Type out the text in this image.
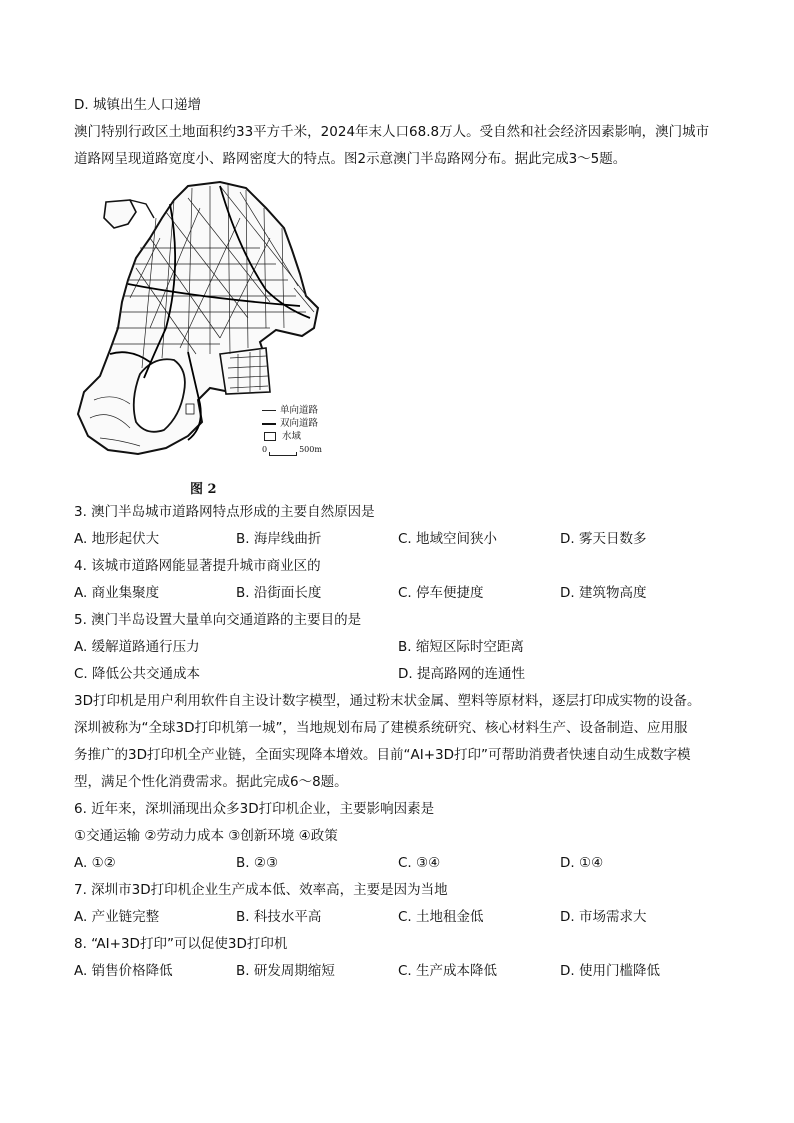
D. 城镇出生人口递增
澳门特别行政区土地面积约33平方千米，2024年末人口68.8万人。受自然和社会经济因素影响，澳门城市
道路网呈现道路宽度小、路网密度大的特点。图2示意澳门半岛路网分布。据此完成3～5题。
单向道路
双向道路
水域
0	500m
图 2
3. 澳门半岛城市道路网特点形成的主要自然原因是
A. 地形起伏大	B. 海岸线曲折	C. 地域空间狭小	D. 雾天日数多
4. 该城市道路网能显著提升城市商业区的
A. 商业集聚度	B. 沿街面长度	C. 停车便捷度	D. 建筑物高度
5. 澳门半岛设置大量单向交通道路的主要目的是
A. 缓解道路通行压力	B. 缩短区际时空距离
C. 降低公共交通成本	D. 提高路网的连通性
3D打印机是用户利用软件自主设计数字模型，通过粉末状金属、塑料等原材料，逐层打印成实物的设备。
深圳被称为“全球3D打印机第一城”，当地规划布局了建模系统研究、核心材料生产、设备制造、应用服
务推广的3D打印机全产业链，全面实现降本增效。目前“AI+3D打印”可帮助消费者快速自动生成数字模
型，满足个性化消费需求。据此完成6～8题。
6. 近年来，深圳涌现出众多3D打印机企业，主要影响因素是
①交通运输 ②劳动力成本 ③创新环境 ④政策
A. ①②	B. ②③	C. ③④	D. ①④
7. 深圳市3D打印机企业生产成本低、效率高，主要是因为当地
A. 产业链完整	B. 科技水平高	C. 土地租金低	D. 市场需求大
8. “AI+3D打印”可以促使3D打印机
A. 销售价格降低	B. 研发周期缩短	C. 生产成本降低	D. 使用门槛降低
